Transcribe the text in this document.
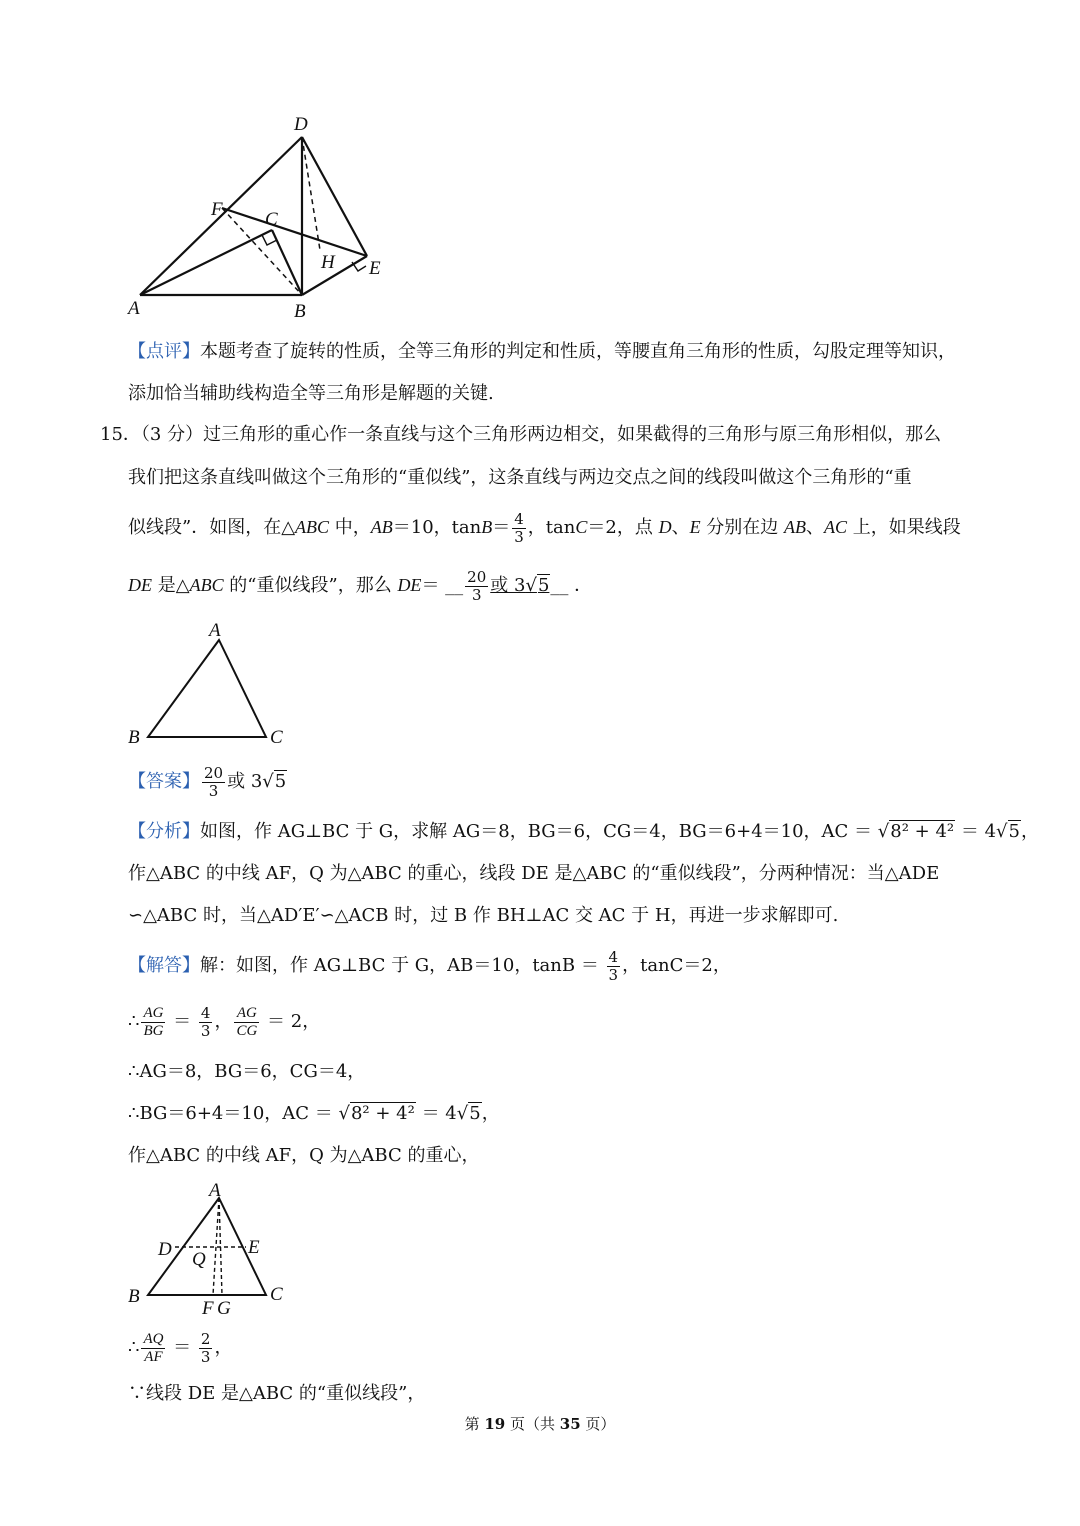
D
F C
H E
A	B
【点评】本题考查了旋转的性质，全等三角形的判定和性质，等腰直角三角形的性质，勾股定理等知识，
添加恰当辅助线构造全等三角形是解题的关键.
15．（3 分）过三角形的重心作一条直线与这个三角形两边相交，如果截得的三角形与原三角形相似，那么
我们把这条直线叫做这个三角形的“重似线”，这条直线与两边交点之间的线段叫做这个三角形的“重
似线段”．如图，在△ABC 中，AB＝10，$\tan B= \frac{4}{3}$ ，tanC＝2，点 D、E 分别在边 AB、AC 上，如果线段
DE 是△ABC 的“重似线段”，那么 DE＝ __ $\frac{20}{3}$ 或 3√5__ ．
A
B	C
【答案】 $\frac{20}{3}$ 或 3√5
【分析】如图，作 AG⊥BC 于 G，求解 AG＝8，BG＝6，CG＝4，BG＝6+4＝10，AC ＝ √8² + 4² ＝ 4√5，
作△ABC 的中线 AF，Q 为△ABC 的重心，线段 DE 是△ABC 的“重似线段”，分两种情况：当△ADE
∽△ABC 时，当△AD′E′∽△ACB 时，过 B 作 BH⊥AC 交 AC 于 H，再进一步求解即可.
【解答】解：如图，作 AG⊥BC 于 G，AB＝10，$\tan B = \frac{4}{3}$ ，tanC＝2，
∴ $\frac{AG}{BG} = \frac{4}{3}$ ， $\frac{AG}{CG} = 2$，
∴AG＝8，BG＝6，CG＝4，
∴BG＝6+4＝10，AC ＝ √8² + 4² ＝ 4√5，
作△ABC 的中线 AF，Q 为△ABC 的重心，
A
D	E
Q
B	C
F G
∴ $\frac{AQ}{AF} = \frac{2}{3}$ ，
∵线段 DE 是△ABC 的“重似线段”，
第 19 页（共 35 页）
